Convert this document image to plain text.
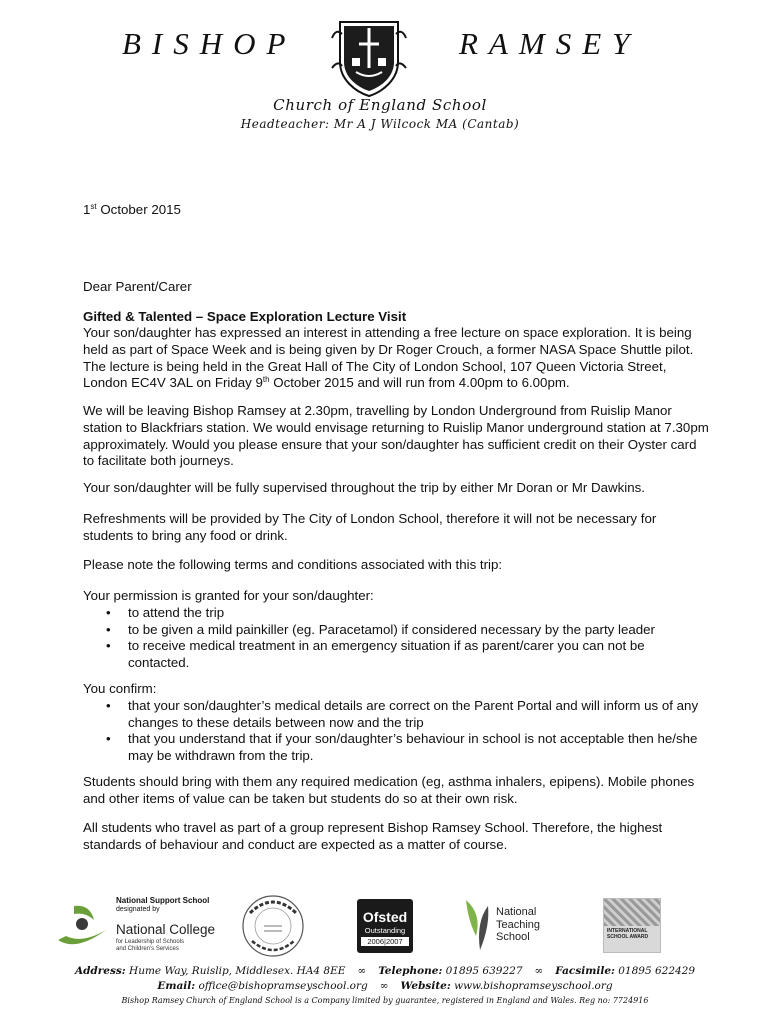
BISHOP	RAMSEY
Church of England School
Headteacher: Mr A J Wilcock MA (Cantab)
1st October 2015
Dear Parent/Carer
Gifted & Talented – Space Exploration Lecture Visit
Your son/daughter has expressed an interest in attending a free lecture on space exploration. It is being held as part of Space Week and is being given by Dr Roger Crouch, a former NASA Space Shuttle pilot. The lecture is being held in the Great Hall of The City of London School, 107 Queen Victoria Street, London EC4V 3AL on Friday 9th October 2015 and will run from 4.00pm to 6.00pm.
We will be leaving Bishop Ramsey at 2.30pm, travelling by London Underground from Ruislip Manor station to Blackfriars station. We would envisage returning to Ruislip Manor underground station at 7.30pm approximately. Would you please ensure that your son/daughter has sufficient credit on their Oyster card to facilitate both journeys.
Your son/daughter will be fully supervised throughout the trip by either Mr Doran or Mr Dawkins.
Refreshments will be provided by The City of London School, therefore it will not be necessary for students to bring any food or drink.
Please note the following terms and conditions associated with this trip:
Your permission is granted for your son/daughter:
• to attend the trip
• to be given a mild painkiller (eg. Paracetamol) if considered necessary by the party leader
• to receive medical treatment in an emergency situation if as parent/carer you can not be contacted.
You confirm:
• that your son/daughter’s medical details are correct on the Parent Portal and will inform us of any changes to these details between now and the trip
• that you understand that if your son/daughter’s behaviour in school is not acceptable then he/she may be withdrawn from the trip.
Students should bring with them any required medication (eg, asthma inhalers, epipens). Mobile phones and other items of value can be taken but students do so at their own risk.
All students who travel as part of a group represent Bishop Ramsey School. Therefore, the highest standards of behaviour and conduct are expected as a matter of course.
National Support School
designated by
National College
for Leadership of Schools
and Children's Services
Ofsted
Outstanding
2006|2007
National
Teaching
School	INTERNATIONAL SCHOOL AWARD
Address: Hume Way, Ruislip, Middlesex. HA4 8EE ∞ Telephone: 01895 639227 ∞ Facsimile: 01895 622429
Email: office@bishopramseyschool.org ∞ Website: www.bishopramseyschool.org
Bishop Ramsey Church of England School is a Company limited by guarantee, registered in England and Wales. Reg no: 7724916
